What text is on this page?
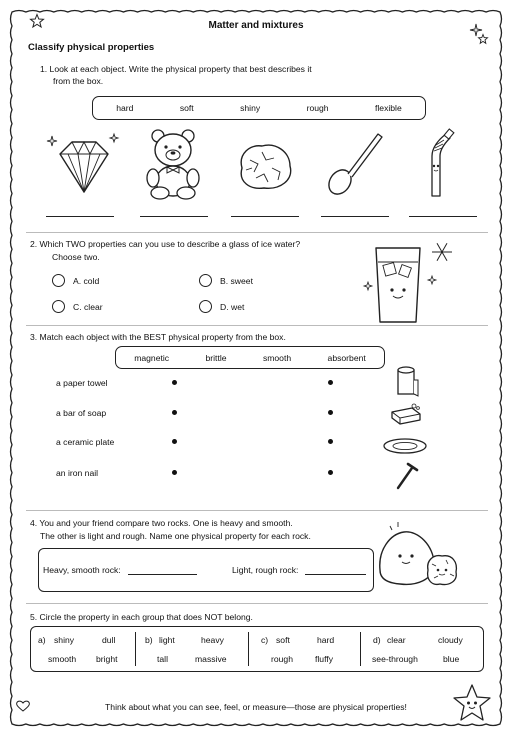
Matter and mixtures
Classify physical properties
1. Look at each object. Write the physical property that best describes it
from the box.
hard	soft	shiny	rough	flexible
2. Which TWO properties can you use to describe a glass of ice water?
Choose two.
A. cold	B. sweet
C. clear	D. wet
3. Match each object with the BEST physical property from the box.
magnetic	brittle	smooth	absorbent
a paper towel
a bar of soap
a ceramic plate
an iron nail
4. You and your friend compare two rocks. One is heavy and smooth.
The other is light and rough. Name one physical property for each rock.
Heavy, smooth rock:	Light, rough rock:
5. Circle the property in each group that does NOT belong.
a) shiny	dull
smooth bright
b) light	heavy
tall	massive
c) soft	hard
rough	fluffy
d) clear	cloudy
see-through	blue
Think about what you can see, feel, or measure—those are physical properties!
